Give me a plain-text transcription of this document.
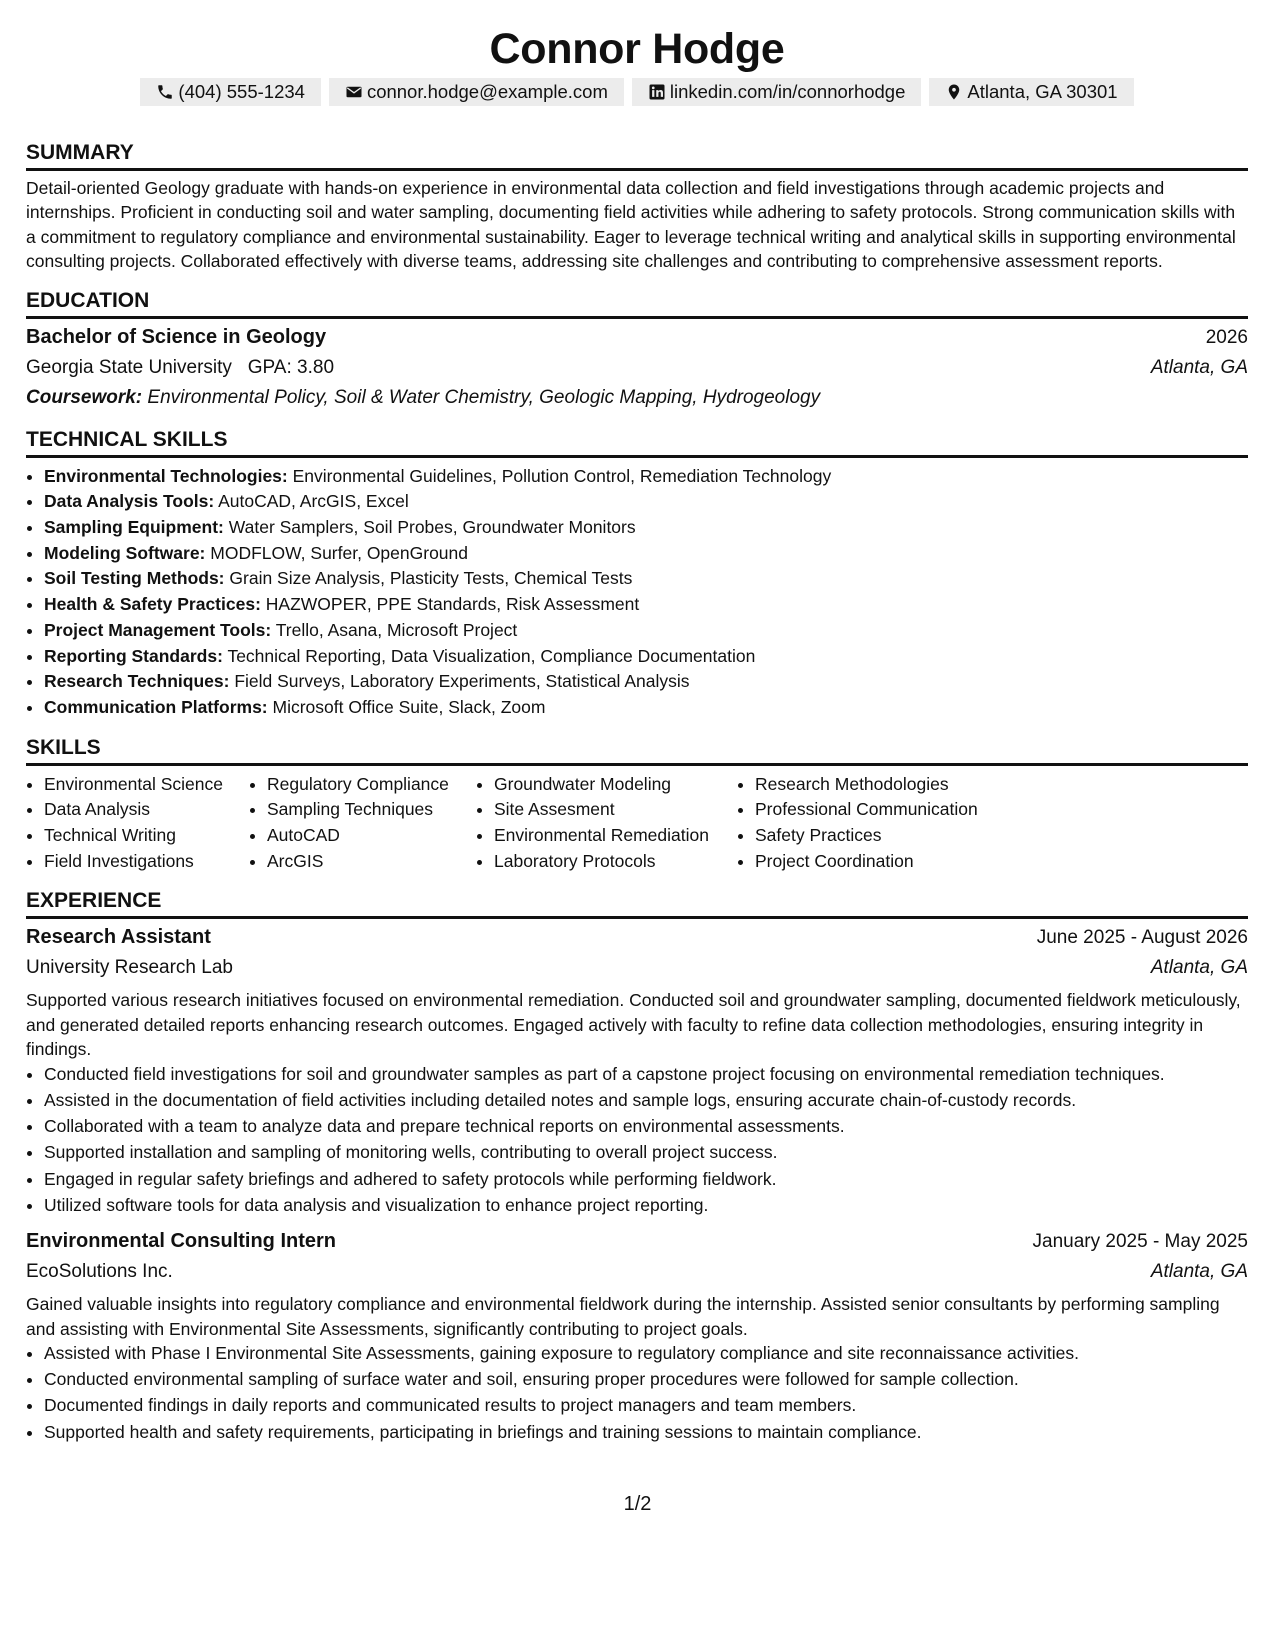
Connor Hodge
(404) 555-1234	connor.hodge@example.com	linkedin.com/in/connorhodge	Atlanta, GA 30301
SUMMARY
Detail-oriented Geology graduate with hands-on experience in environmental data collection and field investigations through academic projects and internships. Proficient in conducting soil and water sampling, documenting field activities while adhering to safety protocols. Strong communication skills with a commitment to regulatory compliance and environmental sustainability. Eager to leverage technical writing and analytical skills in supporting environmental consulting projects. Collaborated effectively with diverse teams, addressing site challenges and contributing to comprehensive assessment reports.
EDUCATION
Bachelor of Science in Geology	2026
Georgia State University GPA: 3.80	Atlanta, GA
Coursework: Environmental Policy, Soil & Water Chemistry, Geologic Mapping, Hydrogeology
TECHNICAL SKILLS
• Environmental Technologies: Environmental Guidelines, Pollution Control, Remediation Technology
• Data Analysis Tools: AutoCAD, ArcGIS, Excel
• Sampling Equipment: Water Samplers, Soil Probes, Groundwater Monitors
• Modeling Software: MODFLOW, Surfer, OpenGround
• Soil Testing Methods: Grain Size Analysis, Plasticity Tests, Chemical Tests
• Health & Safety Practices: HAZWOPER, PPE Standards, Risk Assessment
• Project Management Tools: Trello, Asana, Microsoft Project
• Reporting Standards: Technical Reporting, Data Visualization, Compliance Documentation
• Research Techniques: Field Surveys, Laboratory Experiments, Statistical Analysis
• Communication Platforms: Microsoft Office Suite, Slack, Zoom
SKILLS
• Environmental Science
• Data Analysis
• Technical Writing
• Field Investigations
• Regulatory Compliance
• Sampling Techniques
• AutoCAD
• ArcGIS
• Groundwater Modeling
• Site Assesment
• Environmental Remediation
• Laboratory Protocols
• Research Methodologies
• Professional Communication
• Safety Practices
• Project Coordination
EXPERIENCE
Research Assistant	June 2025 - August 2026
University Research Lab	Atlanta, GA
Supported various research initiatives focused on environmental remediation. Conducted soil and groundwater sampling, documented fieldwork meticulously, and generated detailed reports enhancing research outcomes. Engaged actively with faculty to refine data collection methodologies, ensuring integrity in findings.
• Conducted field investigations for soil and groundwater samples as part of a capstone project focusing on environmental remediation techniques.
• Assisted in the documentation of field activities including detailed notes and sample logs, ensuring accurate chain-of-custody records.
• Collaborated with a team to analyze data and prepare technical reports on environmental assessments.
• Supported installation and sampling of monitoring wells, contributing to overall project success.
• Engaged in regular safety briefings and adhered to safety protocols while performing fieldwork.
• Utilized software tools for data analysis and visualization to enhance project reporting.
Environmental Consulting Intern	January 2025 - May 2025
EcoSolutions Inc.	Atlanta, GA
Gained valuable insights into regulatory compliance and environmental fieldwork during the internship. Assisted senior consultants by performing sampling and assisting with Environmental Site Assessments, significantly contributing to project goals.
• Assisted with Phase I Environmental Site Assessments, gaining exposure to regulatory compliance and site reconnaissance activities.
• Conducted environmental sampling of surface water and soil, ensuring proper procedures were followed for sample collection.
• Documented findings in daily reports and communicated results to project managers and team members.
• Supported health and safety requirements, participating in briefings and training sessions to maintain compliance.
1/2
